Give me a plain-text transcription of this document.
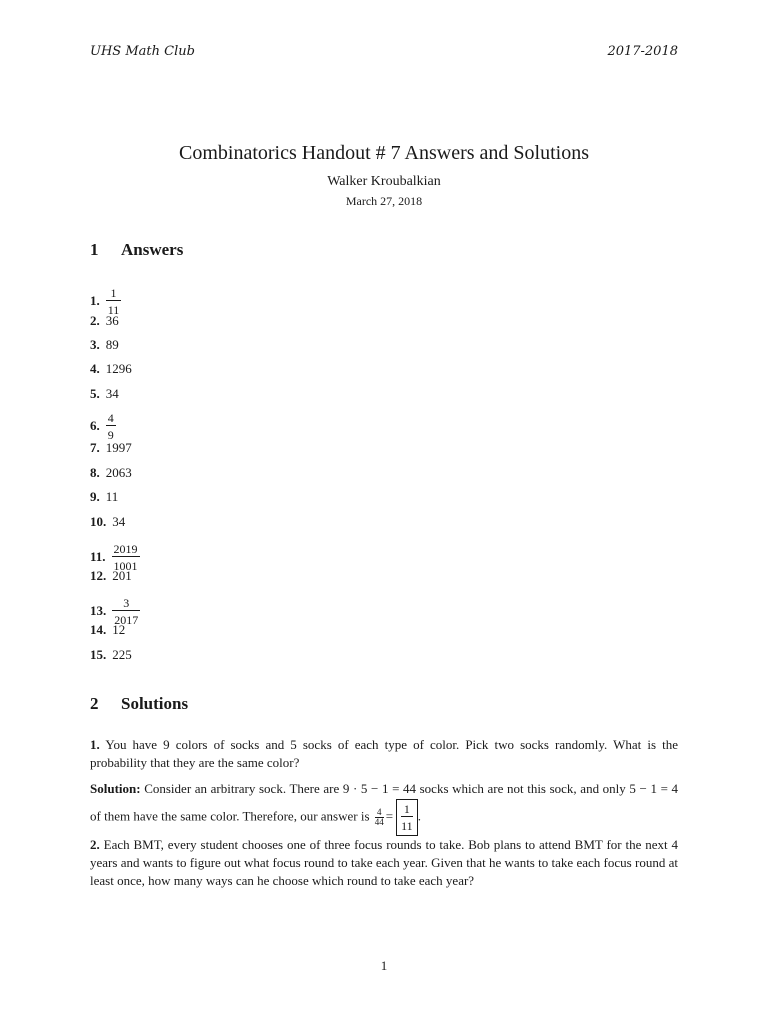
UHS Math Club	2017-2018
Combinatorics Handout # 7 Answers and Solutions
Walker Kroubalkian
March 27, 2018
1 Answers
1. $\frac{1}{11}$
2. 36
3. 89
4. 1296
5. 34
6. $\frac{4}{9}$
7. 1997
8. 2063
9. 11
10. 34
11. $\frac{2019}{1001}$
12. 201
13. $\frac{3}{2017}$
14. 12
15. 225
2 Solutions
1. You have 9 colors of socks and 5 socks of each type of color. Pick two socks randomly. What is the probability that they are the same color?
Solution: Consider an arbitrary sock. There are 9 · 5 − 1 = 44 socks which are not this sock, and only 5 − 1 = 4 of them have the same color. Therefore, our answer is $\frac{4}{44} = \frac{1}{11}$ .
2. Each BMT, every student chooses one of three focus rounds to take. Bob plans to attend BMT for the next 4 years and wants to figure out what focus round to take each year. Given that he wants to take each focus round at least once, how many ways can he choose which round to take each year?
1
